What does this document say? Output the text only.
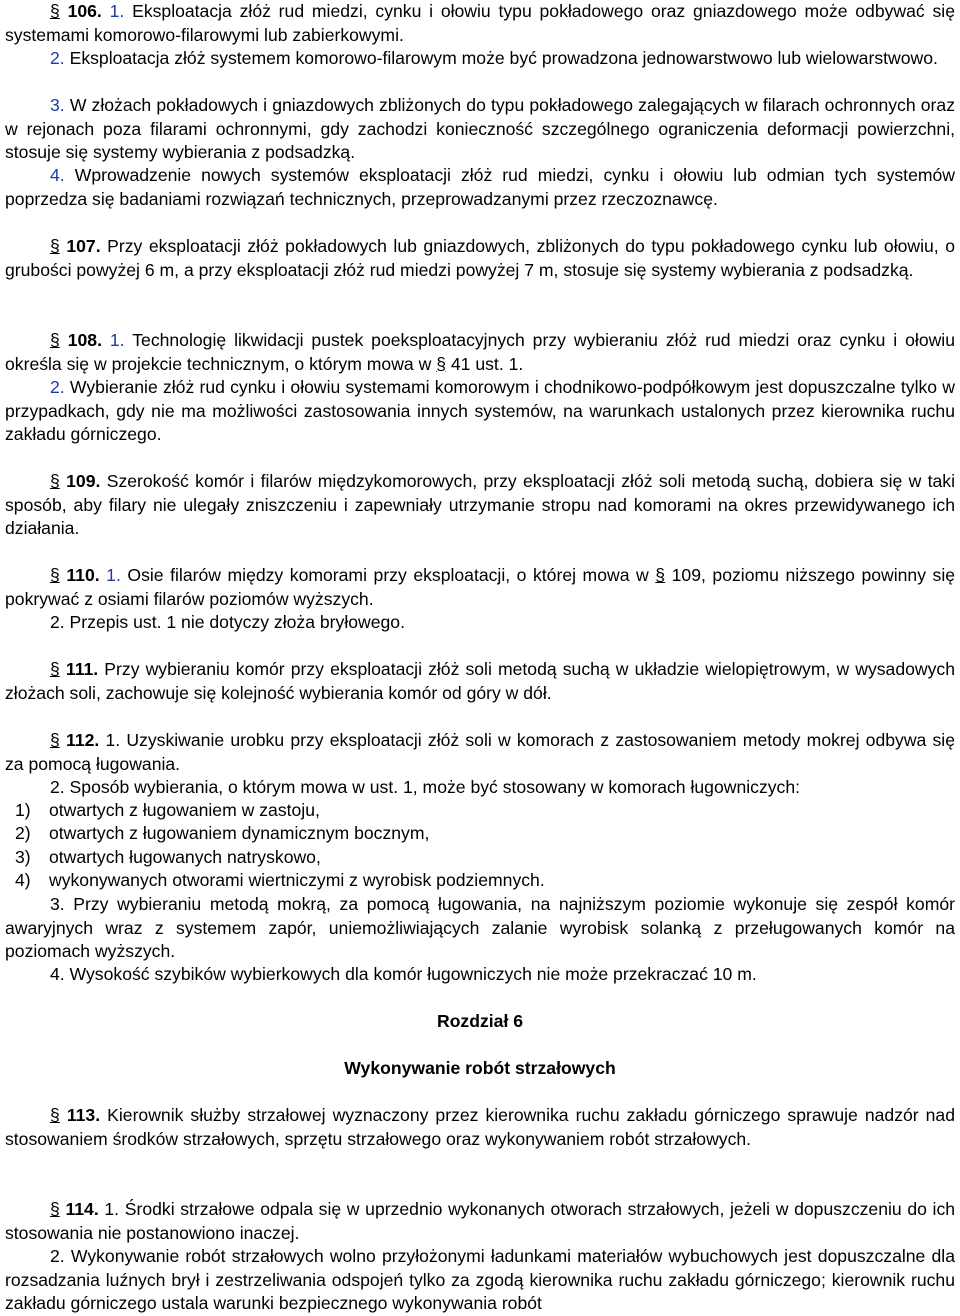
§ 106. 1. Eksploatacja złóż rud miedzi, cynku i ołowiu typu pokładowego oraz gniazdowego może odbywać się systemami komorowo-filarowymi lub zabierkowymi.

2. Eksploatacja złóż systemem komorowo-filarowym może być prowadzona jednowarstwowo lub wielowarstwowo.

3. W złożach pokładowych i gniazdowych zbliżonych do typu pokładowego zalegających w filarach ochronnych oraz w rejonach poza filarami ochronnymi, gdy zachodzi konieczność szczególnego ograniczenia deformacji powierzchni, stosuje się systemy wybierania z podsadzką.

4. Wprowadzenie nowych systemów eksploatacji złóż rud miedzi, cynku i ołowiu lub odmian tych systemów poprzedza się badaniami rozwiązań technicznych, przeprowadzanymi przez rzeczoznawcę.

§ 107. Przy eksploatacji złóż pokładowych lub gniazdowych, zbliżonych do typu pokładowego cynku lub ołowiu, o grubości powyżej 6 m, a przy eksploatacji złóż rud miedzi powyżej 7 m, stosuje się systemy wybierania z podsadzką.

§ 108. 1. Technologię likwidacji pustek poeksploatacyjnych przy wybieraniu złóż rud miedzi oraz cynku i ołowiu określa się w projekcie technicznym, o którym mowa w § 41 ust. 1.

2. Wybieranie złóż rud cynku i ołowiu systemami komorowym i chodnikowo-podpółkowym jest dopuszczalne tylko w przypadkach, gdy nie ma możliwości zastosowania innych systemów, na warunkach ustalonych przez kierownika ruchu zakładu górniczego.

§ 109. Szerokość komór i filarów międzykomorowych, przy eksploatacji złóż soli metodą suchą, dobiera się w taki sposób, aby filary nie ulegały zniszczeniu i zapewniały utrzymanie stropu nad komorami na okres przewidywanego ich działania.

§ 110. 1. Osie filarów między komorami przy eksploatacji, o której mowa w § 109, poziomu niższego powinny się pokrywać z osiami filarów poziomów wyższych.

2. Przepis ust. 1 nie dotyczy złoża bryłowego.

§ 111. Przy wybieraniu komór przy eksploatacji złóż soli metodą suchą w układzie wielopiętrowym, w wysadowych złożach soli, zachowuje się kolejność wybierania komór od góry w dół.

§ 112. 1. Uzyskiwanie urobku przy eksploatacji złóż soli w komorach z zastosowaniem metody mokrej odbywa się za pomocą ługowania.

2. Sposób wybierania, o którym mowa w ust. 1, może być stosowany w komorach ługowniczych:

1) otwartych z ługowaniem w zastoju,
2) otwartych z ługowaniem dynamicznym bocznym,
3) otwartych ługowanych natryskowo,
4) wykonywanych otworami wiertniczymi z wyrobisk podziemnych.

3. Przy wybieraniu metodą mokrą, za pomocą ługowania, na najniższym poziomie wykonuje się zespół komór awaryjnych wraz z systemem zapór, uniemożliwiających zalanie wyrobisk solanką z przeługowanych komór na poziomach wyższych.

4. Wysokość szybików wybierkowych dla komór ługowniczych nie może przekraczać 10 m.

Rozdział 6

Wykonywanie robót strzałowych

§ 113. Kierownik służby strzałowej wyznaczony przez kierownika ruchu zakładu górniczego sprawuje nadzór nad stosowaniem środków strzałowych, sprzętu strzałowego oraz wykonywaniem robót strzałowych.

§ 114. 1. Środki strzałowe odpala się w uprzednio wykonanych otworach strzałowych, jeżeli w dopuszczeniu do ich stosowania nie postanowiono inaczej.

2. Wykonywanie robót strzałowych wolno przyłożonymi ładunkami materiałów wybuchowych jest dopuszczalne dla rozsadzania luźnych brył i zestrzeliwania odspojeń tylko za zgodą kierownika ruchu zakładu górniczego; kierownik ruchu zakładu górniczego ustala warunki bezpiecznego wykonywania robót
